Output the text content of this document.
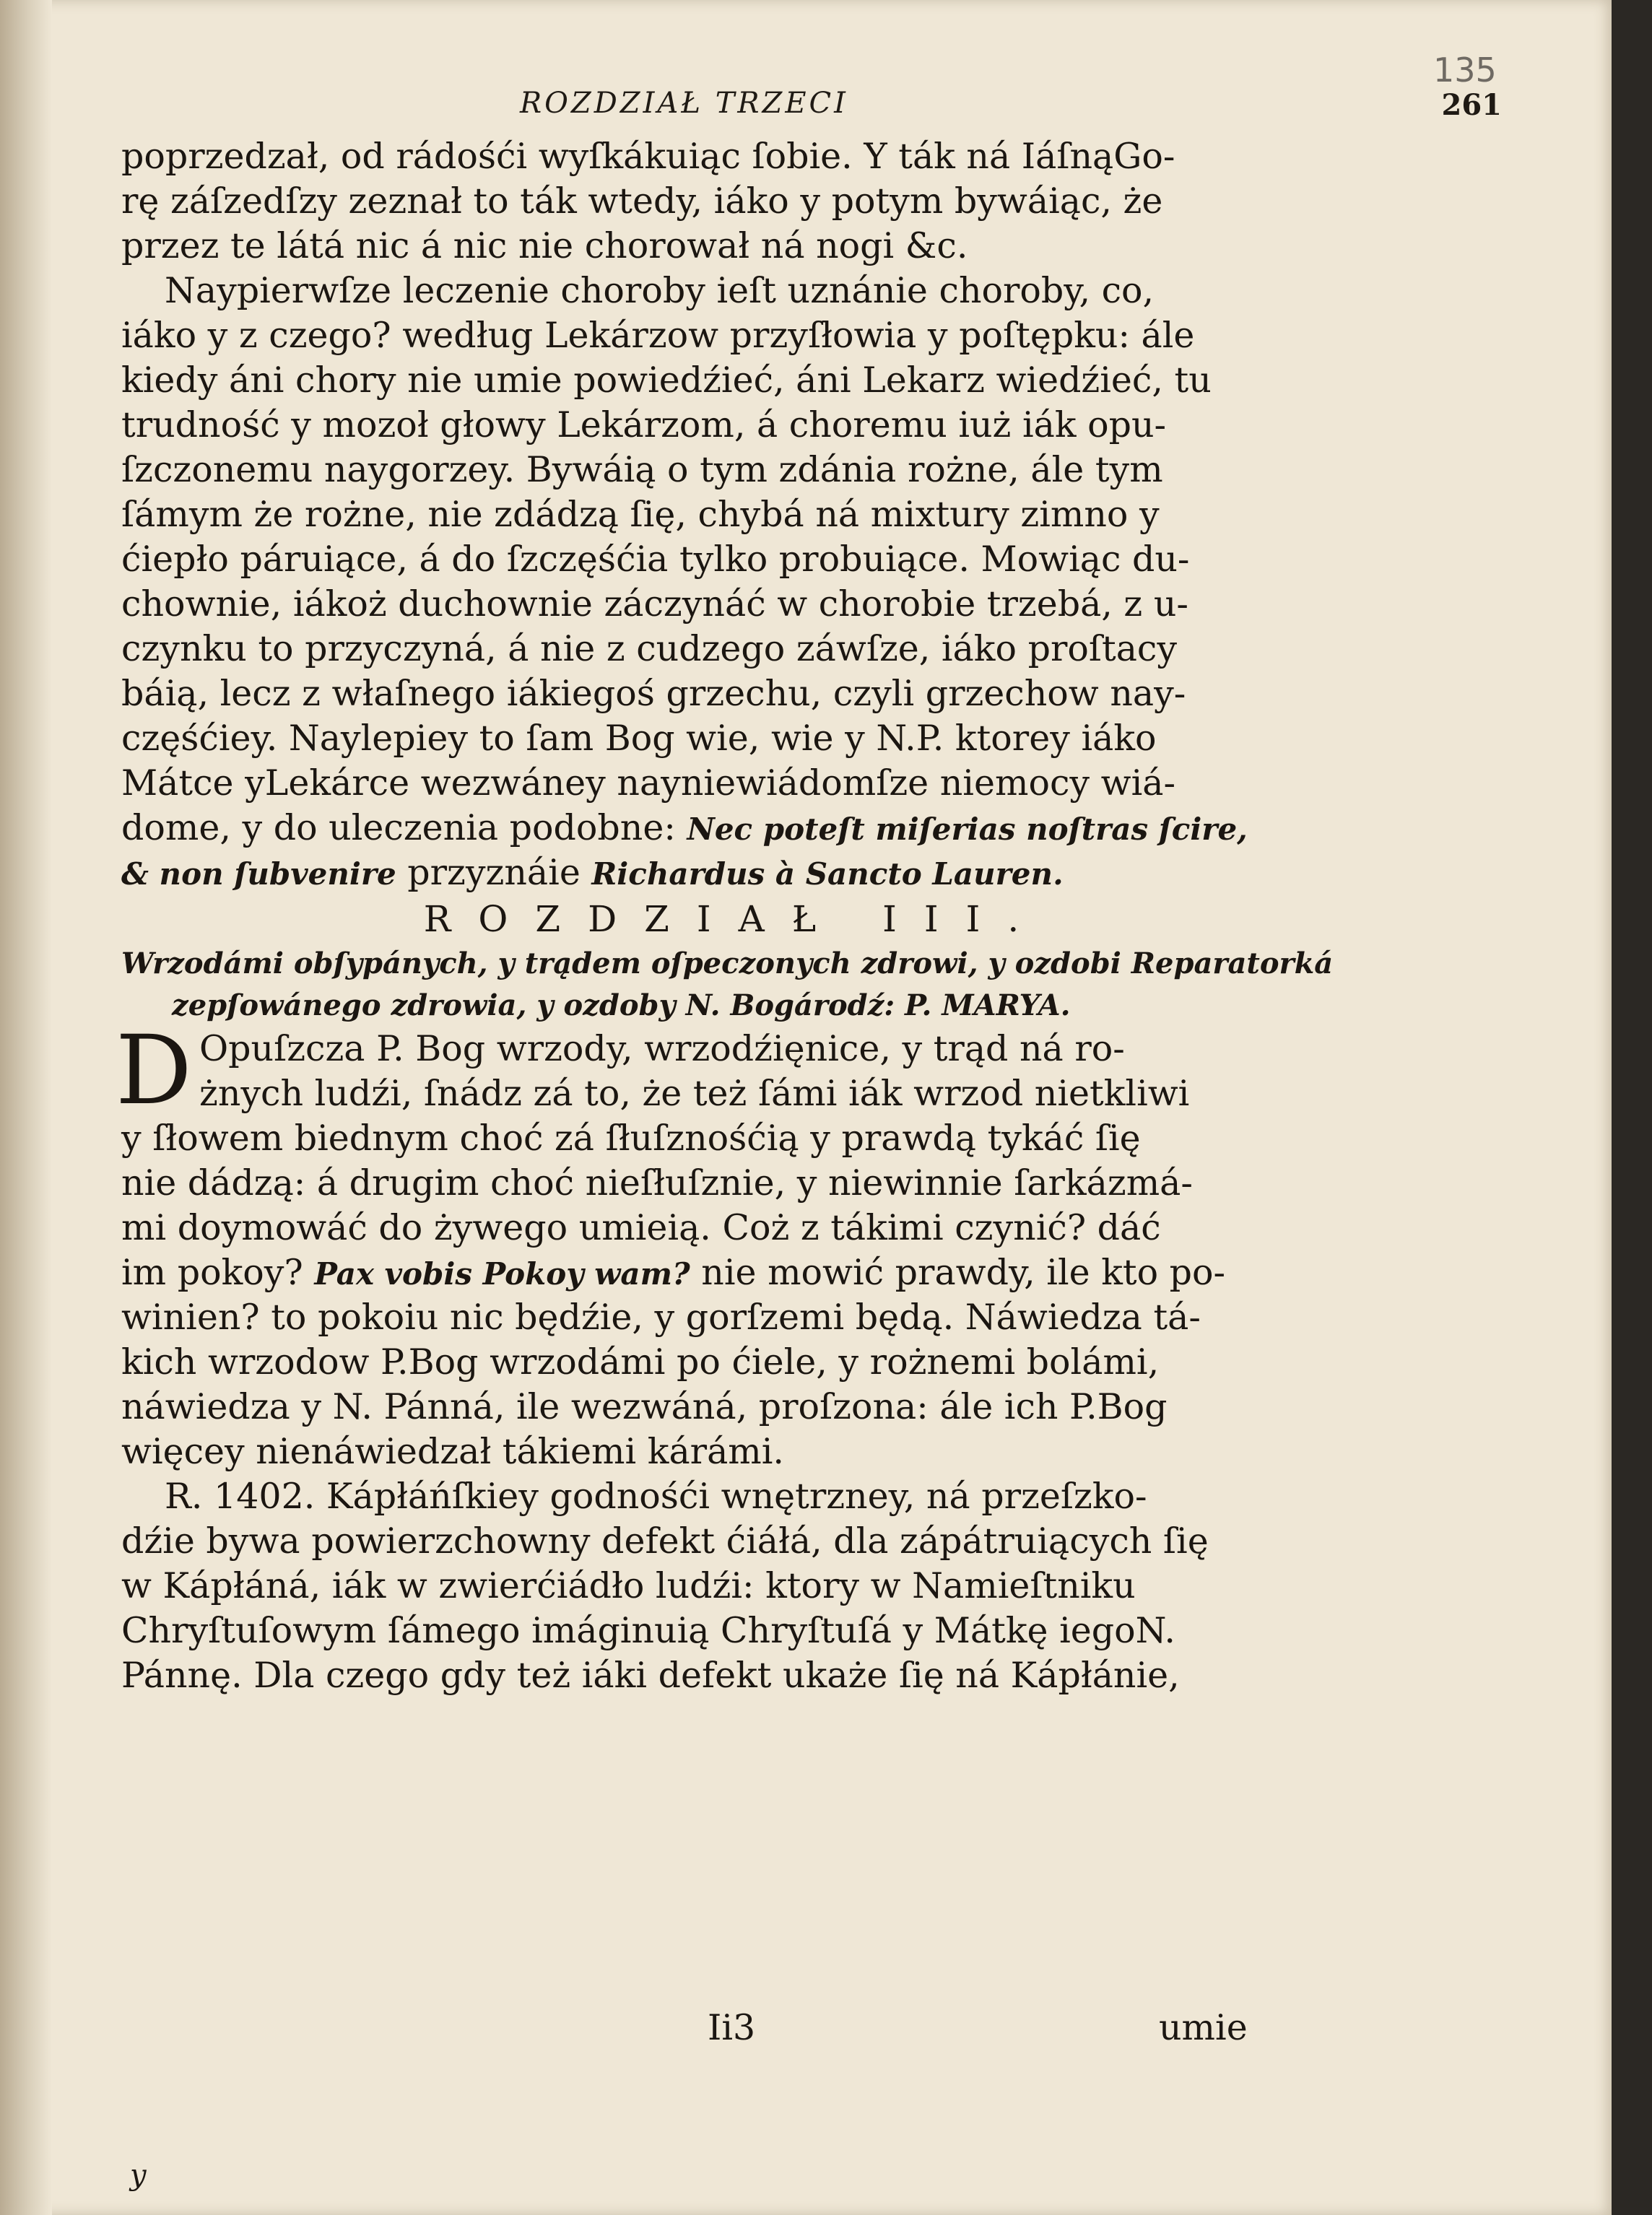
ROZDZIAŁ TRZECI	261
135
poprzedzał, od rádośći wyſkákuiąc ſobie. Y ták ná IáſnąGo-
rę záſzedſzy zeznał to ták wtedy, iáko y potym bywáiąc, że
przez te látá nic á nic nie chorował ná nogi &c.
Naypierwſze leczenie choroby ieſt uznánie choroby, co,
iáko y z czego? według Lekárzow przyſłowia y poſtępku: ále
kiedy áni chory nie umie powiedźieć, áni Lekarz wiedźieć, tu
trudność y mozoł głowy Lekárzom, á choremu iuż iák opu-
ſzczonemu naygorzey. Bywáią o tym zdánia rożne, ále tym
ſámym że rożne, nie zdádzą ſię, chybá ná mixtury zimno y
ćiepło páruiące, á do ſzczęśćia tylko probuiące. Mowiąc du-
chownie, iákoż duchownie záczynáć w chorobie trzebá, z u-
czynku to przyczyná, á nie z cudzego záwſze, iáko proſtacy
báią, lecz z właſnego iákiegoś grzechu, czyli grzechow nay-
częśćiey. Naylepiey to ſam Bog wie, wie y N.P. ktorey iáko
Mátce yLekárce wezwáney nayniewiádomſze niemocy wiá-
dome, y do uleczenia podobne: Nec poteſt miſerias noſtras ſcire,
& non ſubvenire przyznáie Richardus à Sancto Lauren.
ROZDZIAŁ III.
Wrzodámi obſypánych, y trądem oſpeczonych zdrowi, y ozdobi Reparatorká
zepſowánego zdrowia, y ozdoby N. Bogárodź: P. MARYA.
D Opuſzcza P. Bog wrzody, wrzodźięnice, y trąd ná ro-
żnych ludźi, ſnádz zá to, że też ſámi iák wrzod nietkliwi
y ſłowem biednym choć zá ſłuſznośćią y prawdą tykáć ſię
nie dádzą: á drugim choć nieſłuſznie, y niewinnie ſarkázmá-
mi doymowáć do żywego umieią. Coż z tákimi czynić? dáć
im pokoy? Pax vobis Pokoy wam? nie mowić prawdy, ile kto po-
winien? to pokoiu nic będźie, y gorſzemi będą. Náwiedza tá-
kich wrzodow P.Bog wrzodámi po ćiele, y rożnemi bolámi,
náwiedza y N. Pánná, ile wezwáná, proſzona: ále ich P.Bog
więcey nienáwiedzał tákiemi kárámi.
R. 1402. Kápłáńſkiey godnośći wnętrzney, ná przeſzko-
dźie bywa powierzchowny defekt ćiáłá, dla zápátruiących ſię
w Kápłáná, iák w zwierćiádło ludźi: ktory w Namieſtniku
Chryſtuſowym ſámego imáginuią Chryſtuſá y Mátkę iegoN.
Pánnę. Dla czego gdy też iáki defekt ukaże ſię ná Kápłánie,
Ii3	umie
y
